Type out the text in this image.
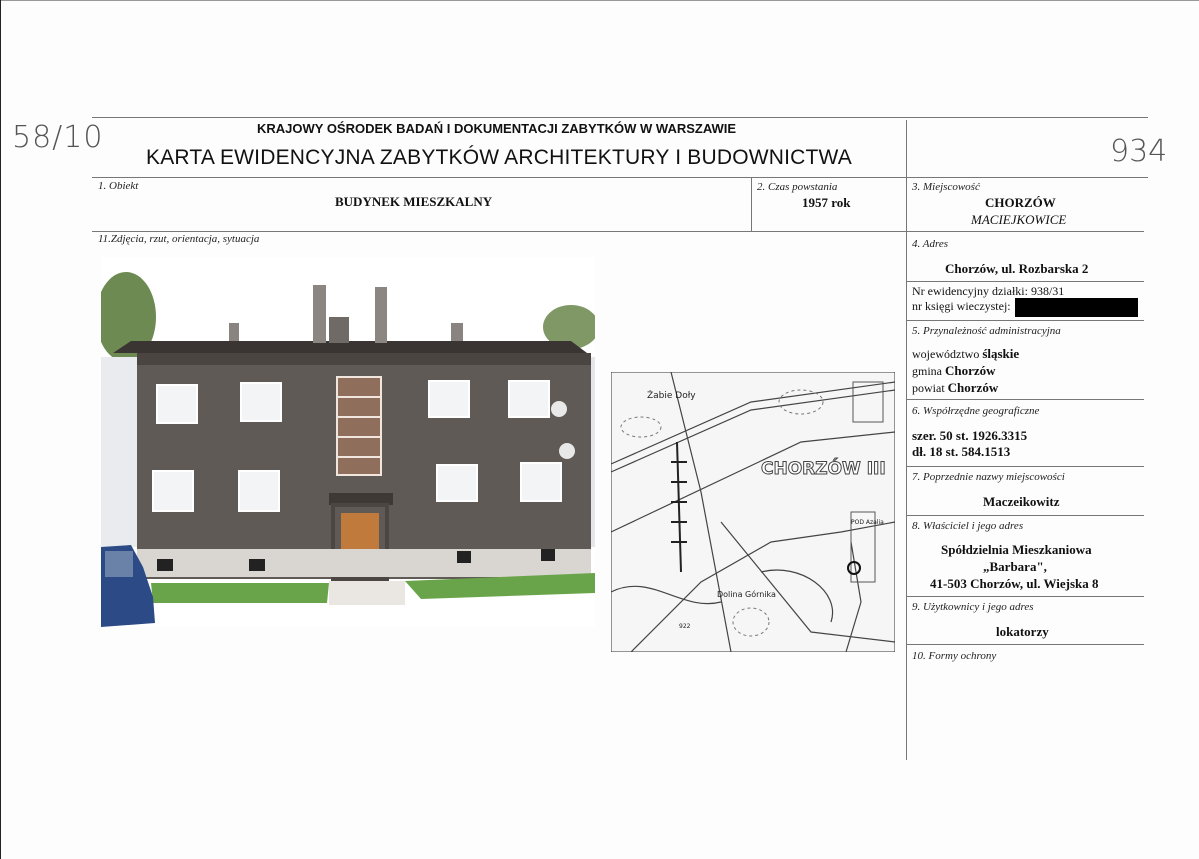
58/10	934
KRAJOWY OŚRODEK BADAŃ I DOKUMENTACJI ZABYTKÓW W WARSZAWIE
KARTA EWIDENCYJNA ZABYTKÓW ARCHITEKTURY I BUDOWNICTWA
1. Obiekt
BUDYNEK MIESZKALNY
2. Czas powstania
1957 rok
3. Miejscowość
CHORZÓW
MACIEJKOWICE
11.Zdjęcia, rzut, orientacja, sytuacja
Żabie Doły
CHORZÓW III
Dolina Górnika
POD Azalia
922
4. Adres
Chorzów, ul. Rozbarska 2
Nr ewidencyjny działki: 938/31
nr księgi wieczystej:
5. Przynależność administracyjna
województwo śląskie
gmina Chorzów
powiat Chorzów
6. Współrzędne geograficzne
szer. 50 st. 1926.3315
dł. 18 st. 584.1513
7. Poprzednie nazwy miejscowości
Maczeikowitz
8. Właściciel i jego adres
Spółdzielnia Mieszkaniowa
„Barbara",
41-503 Chorzów, ul. Wiejska 8
9. Użytkownicy i jego adres
lokatorzy
10. Formy ochrony
